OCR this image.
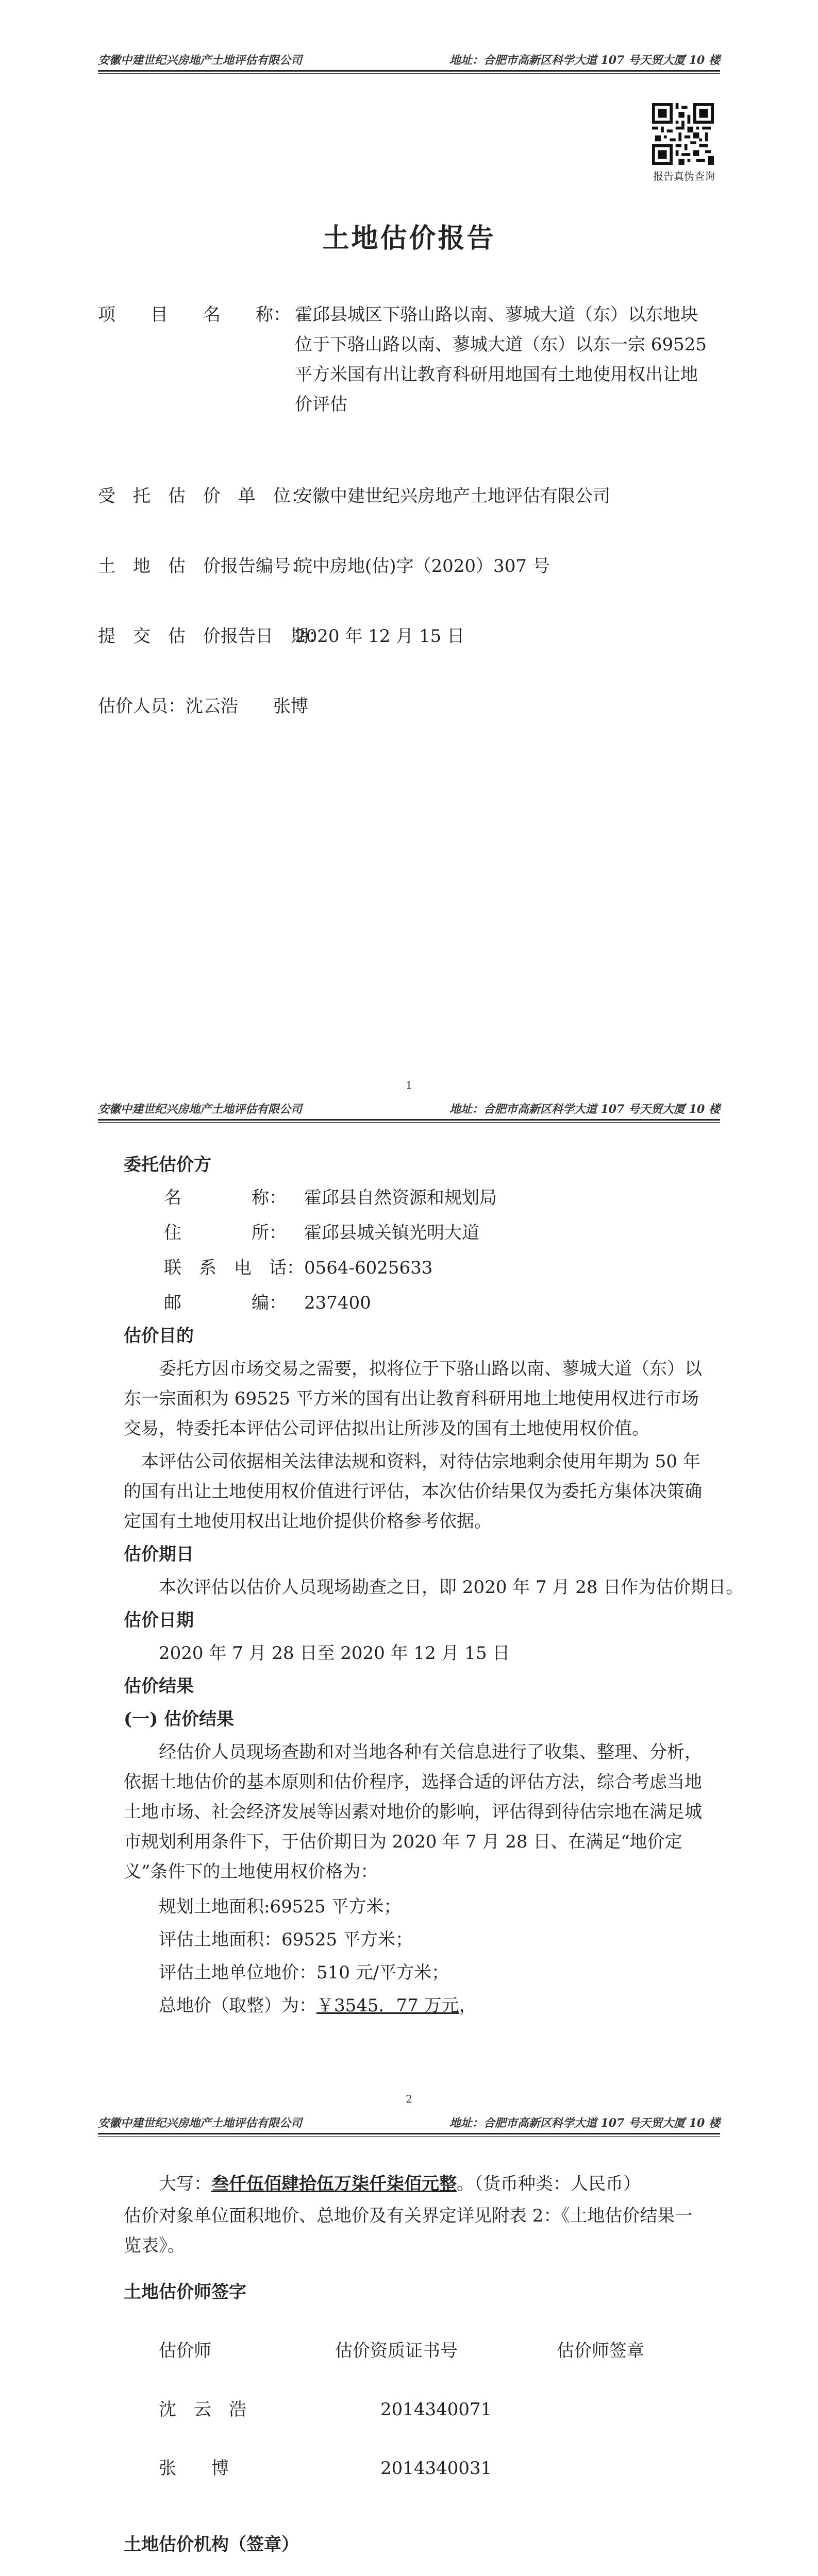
安徽中建世纪兴房地产土地评估有限公司	地址：合肥市高新区科学大道 107 号天贸大厦 10 楼
报告真伪查询
土地估价报告
项　　目　　名　　称： 霍邱县城区下骆山路以南、蓼城大道（东）以东地块位于下骆山路以南、蓼城大道（东）以东一宗 69525 平方米国有出让教育科研用地国有土地使用权出让地价评估
受　托　估　价　单　位：
安徽中建世纪兴房地产土地评估有限公司
土　地　估　价报告编号：
皖中房地(估)字（2020）307 号
提　交　估　价报告日　期：
2020 年 12 月 15 日
估价人员： 沈云浩　　张博
1
安徽中建世纪兴房地产土地评估有限公司	地址：合肥市高新区科学大道 107 号天贸大厦 10 楼
委托估价方
名　　　　称： 霍邱县自然资源和规划局
住　　　　所： 霍邱县城关镇光明大道
联　系　电　话： 0564-6025633
邮　　　　编： 237400
估价目的
委托方因市场交易之需要，拟将位于下骆山路以南、蓼城大道（东）以东一宗面积为 69525 平方米的国有出让教育科研用地土地使用权进行市场交易，特委托本评估公司评估拟出让所涉及的国有土地使用权价值。
本评估公司依据相关法律法规和资料，对待估宗地剩余使用年期为 50 年的国有出让土地使用权价值进行评估，本次估价结果仅为委托方集体决策确定国有土地使用权出让地价提供价格参考依据。
估价期日
本次评估以估价人员现场勘查之日，即 2020 年 7 月 28 日作为估价期日。
估价日期
2020 年 7 月 28 日至 2020 年 12 月 15 日
估价结果
(一) 估价结果
经估价人员现场查勘和对当地各种有关信息进行了收集、整理、分析，依据土地估价的基本原则和估价程序，选择合适的评估方法，综合考虑当地土地市场、社会经济发展等因素对地价的影响，评估得到待估宗地在满足城市规划利用条件下，于估价期日为 2020 年 7 月 28 日、在满足“地价定义”条件下的土地使用权价格为：
规划土地面积:69525 平方米；
评估土地面积：69525 平方米；
评估土地单位地价：510 元/平方米；
总地价（取整）为：￥3545．77 万元，
2
安徽中建世纪兴房地产土地评估有限公司	地址：合肥市高新区科学大道 107 号天贸大厦 10 楼
大写：叁仟伍佰肆拾伍万柒仟柒佰元整。（货币种类：人民币）
估价对象单位面积地价、总地价及有关界定详见附表 2：《土地估价结果一览表》。
土地估价师签字
估价师	估价资质证书号	估价师签章
沈　云　浩	2014340071
张　　博	2014340031
土地估价机构（签章）
